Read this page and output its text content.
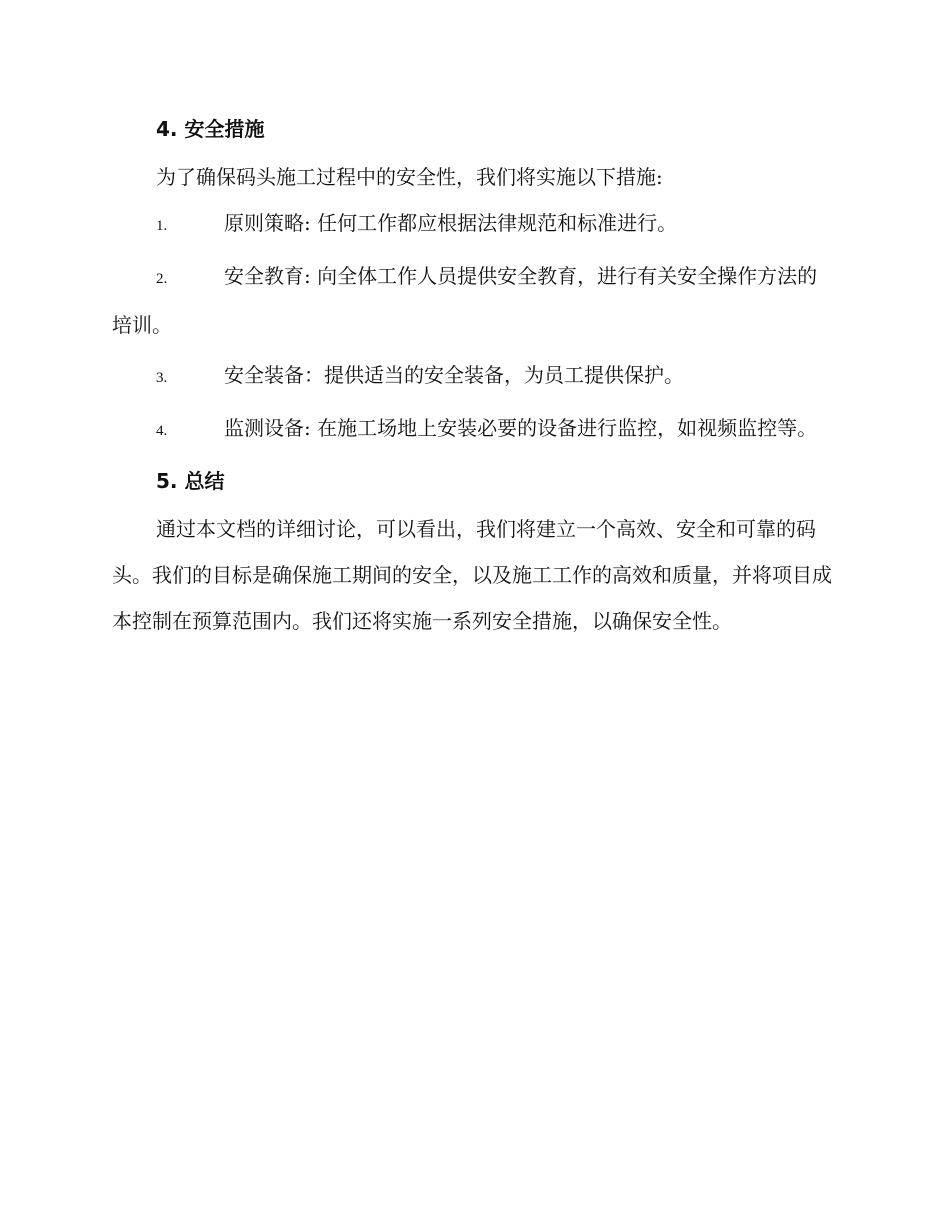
4. 安全措施

为了确保码头施工过程中的安全性，我们将实施以下措施:

1.	原则策略: 任何工作都应根据法律规范和标准进行。

2.	安全教育: 向全体工作人员提供安全教育，进行有关安全操作方法的培训。

3.	安全装备：提供适当的安全装备，为员工提供保护。

4.	监测设备: 在施工场地上安装必要的设备进行监控，如视频监控等。

5. 总结

通过本文档的详细讨论，可以看出，我们将建立一个高效、安全和可靠的码头。我们的目标是确保施工期间的安全，以及施工工作的高效和质量，并将项目成本控制在预算范围内。我们还将实施一系列安全措施，以确保安全性。
